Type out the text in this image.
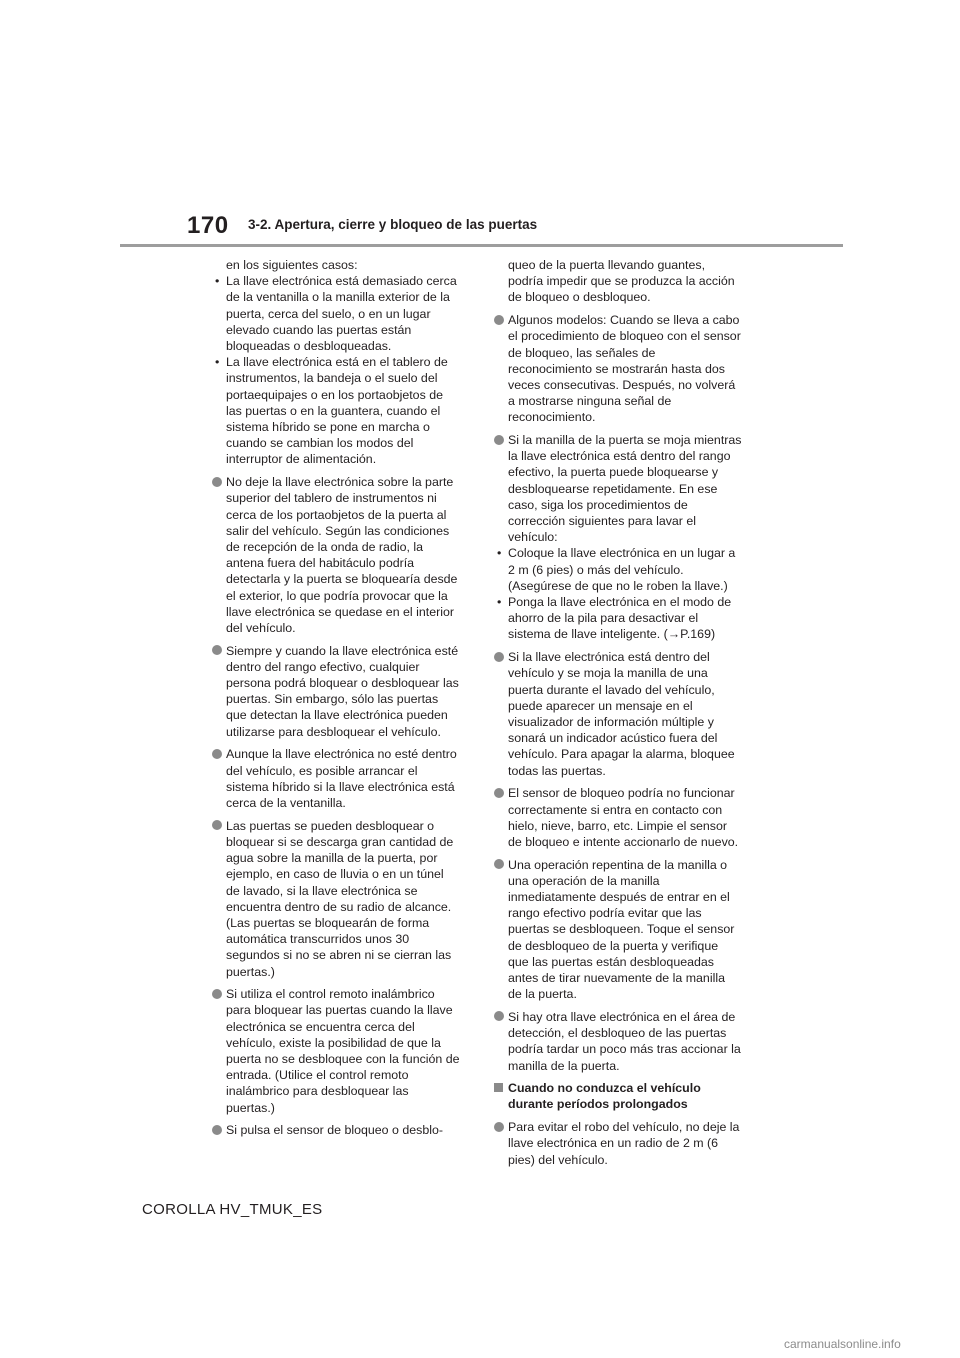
170 3-2. Apertura, cierre y bloqueo de las puertas

en los siguientes casos:

• La llave electrónica está demasiado cerca de la ventanilla o la manilla exterior de la puerta, cerca del suelo, o en un lugar elevado cuando las puertas están bloqueadas o desbloqueadas.

• La llave electrónica está en el tablero de instrumentos, la bandeja o el suelo del portaequipajes o en los portaobjetos de las puertas o en la guantera, cuando el sistema híbrido se pone en marcha o cuando se cambian los modos del interruptor de alimentación.

No deje la llave electrónica sobre la parte superior del tablero de instrumentos ni cerca de los portaobjetos de la puerta al salir del vehículo. Según las condiciones de recepción de la onda de radio, la antena fuera del habitáculo podría detectarla y la puerta se bloquearía desde el exterior, lo que podría provocar que la llave electrónica se quedase en el interior del vehículo.

Siempre y cuando la llave electrónica esté dentro del rango efectivo, cualquier persona podrá bloquear o desbloquear las puertas. Sin embargo, sólo las puertas que detectan la llave electrónica pueden utilizarse para desbloquear el vehículo.

Aunque la llave electrónica no esté dentro del vehículo, es posible arrancar el sistema híbrido si la llave electrónica está cerca de la ventanilla.

Las puertas se pueden desbloquear o bloquear si se descarga gran cantidad de agua sobre la manilla de la puerta, por ejemplo, en caso de lluvia o en un túnel de lavado, si la llave electrónica se encuentra dentro de su radio de alcance. (Las puertas se bloquearán de forma automática transcurridos unos 30 segundos si no se abren ni se cierran las puertas.)

Si utiliza el control remoto inalámbrico para bloquear las puertas cuando la llave electrónica se encuentra cerca del vehículo, existe la posibilidad de que la puerta no se desbloquee con la función de entrada. (Utilice el control remoto inalámbrico para desbloquear las puertas.)

Si pulsa el sensor de bloqueo o desblo-

queo de la puerta llevando guantes, podría impedir que se produzca la acción de bloqueo o desbloqueo.

Algunos modelos: Cuando se lleva a cabo el procedimiento de bloqueo con el sensor de bloqueo, las señales de reconocimiento se mostrarán hasta dos veces consecutivas. Después, no volverá a mostrarse ninguna señal de reconocimiento.

Si la manilla de la puerta se moja mientras la llave electrónica está dentro del rango efectivo, la puerta puede bloquearse y desbloquearse repetidamente. En ese caso, siga los procedimientos de corrección siguientes para lavar el vehículo:

• Coloque la llave electrónica en un lugar a 2 m (6 pies) o más del vehículo. (Asegúrese de que no le roben la llave.)

• Ponga la llave electrónica en el modo de ahorro de la pila para desactivar el sistema de llave inteligente. (→P.169)

Si la llave electrónica está dentro del vehículo y se moja la manilla de una puerta durante el lavado del vehículo, puede aparecer un mensaje en el visualizador de información múltiple y sonará un indicador acústico fuera del vehículo. Para apagar la alarma, bloquee todas las puertas.

El sensor de bloqueo podría no funcionar correctamente si entra en contacto con hielo, nieve, barro, etc. Limpie el sensor de bloqueo e intente accionarlo de nuevo.

Una operación repentina de la manilla o una operación de la manilla inmediatamente después de entrar en el rango efectivo podría evitar que las puertas se desbloqueen. Toque el sensor de desbloqueo de la puerta y verifique que las puertas están desbloqueadas antes de tirar nuevamente de la manilla de la puerta.

Si hay otra llave electrónica en el área de detección, el desbloqueo de las puertas podría tardar un poco más tras accionar la manilla de la puerta.

Cuando no conduzca el vehículo durante períodos prolongados

Para evitar el robo del vehículo, no deje la llave electrónica en un radio de 2 m (6 pies) del vehículo.

COROLLA HV_TMUK_ES
carmanualsonline.info
